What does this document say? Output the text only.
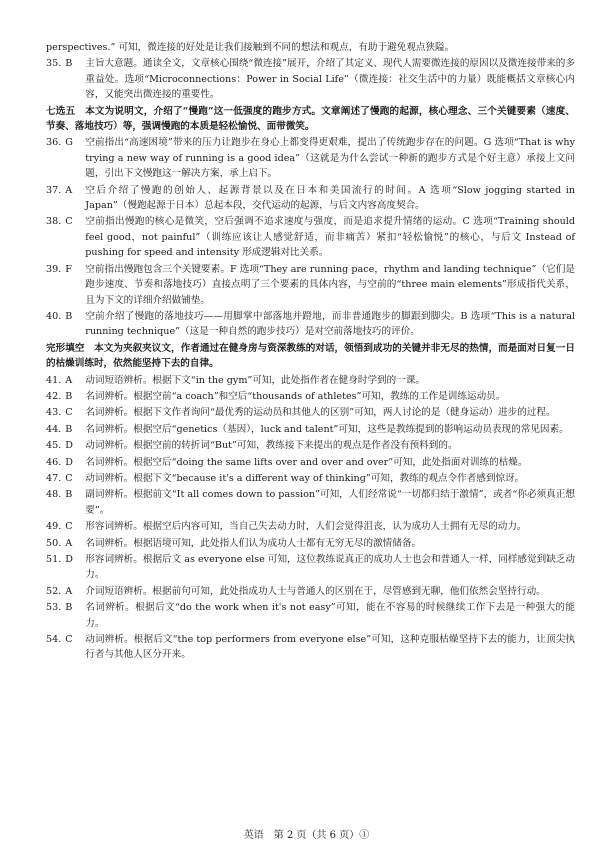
perspectives.” 可知，微连接的好处是让我们接触到不同的想法和观点，有助于避免观点狭隘。

35. B	主旨大意题。通读全文，文章核心围绕“微连接”展开，介绍了其定义、现代人需要微连接的原因以及微连接带来的多重益处。选项“Microconnections：Power in Social Life”（微连接：社交生活中的力量）既能概括文章核心内容，又能突出微连接的重要性。

七选五　本文为说明文，介绍了“慢跑”这一低强度的跑步方式。文章阐述了慢跑的起源，核心理念、三个关键要素（速度、节奏、落地技巧）等，强调慢跑的本质是轻松愉悦、面带微笑。

36. G	空前指出“高速困境”带来的压力让跑步在身心上都变得更艰难，提出了传统跑步存在的问题。G 选项“That is why trying a new way of running is a good idea”（这就是为什么尝试一种新的跑步方式是个好主意）承接上文问题，引出下文慢跑这一解决方案，承上启下。
37. A	空后介绍了慢跑的创始人、起源背景以及在日本和美国流行的时间。A 选项“Slow jogging started in Japan”（慢跑起源于日本）总起本段，交代运动的起源，与后文内容高度契合。
38. C	空前指出慢跑的核心是微笑，空后强调不追求速度与强度，而是追求提升情绪的运动。C 选项“Training should feel good，not painful”（训练应该让人感觉舒适，而非痛苦）紧扣“轻松愉悦”的核心，与后文 Instead of pushing for speed and intensity 形成逻辑对比关系。
39. F	空前指出慢跑包含三个关键要素。F 选项“They are running pace，rhythm and landing technique”（它们是跑步速度、节奏和落地技巧）直接点明了三个要素的具体内容，与空前的“three main elements”形成指代关系，且为下文的详细介绍做铺垫。
40. B	空前介绍了慢跑的落地技巧——用脚掌中部落地并蹬地，而非普通跑步的脚跟到脚尖。B 选项“This is a natural running technique”（这是一种自然的跑步技巧）是对空前落地技巧的评价。

完形填空　本文为夹叙夹议文，作者通过在健身房与资深教练的对话，领悟到成功的关键并非无尽的热情，而是面对日复一日的枯燥训练时，依然能坚持下去的自律。

41. A	动词短语辨析。根据下文“in the gym”可知，此处指作者在健身时学到的一课。
42. B	名词辨析。根据空前“a coach”和空后“thousands of athletes”可知，教练的工作是训练运动员。
43. C	名词辨析。根据下文作者询问“最优秀的运动员和其他人的区别”可知，两人讨论的是（健身运动）进步的过程。
44. B	名词辨析。根据空后“genetics（基因），luck and talent”可知，这些是教练提到的影响运动员表现的常见因素。
45. D	动词辨析。根据空前的转折词“But”可知，教练接下来提出的观点是作者没有预料到的。
46. D	名词辨析。根据空后“doing the same lifts over and over and over”可知，此处指面对训练的枯燥。
47. C	动词辨析。根据下文“because it's a different way of thinking”可知，教练的观点令作者感到惊讶。
48. B	副词辨析。根据前文“It all comes down to passion”可知，人们经常说“一切都归结于激情”，或者“你必须真正想要”。
49. C	形容词辨析。根据空后内容可知，当自己失去动力时，人们会觉得沮丧，认为成功人士拥有无尽的动力。
50. A	名词辨析。根据语境可知，此处指人们认为成功人士都有无穷无尽的激情储备。
51. D	形容词辨析。根据后文 as everyone else 可知，这位教练说真正的成功人士也会和普通人一样，同样感觉到缺乏动力。
52. A	介词短语辨析。根据前句可知，此处指成功人士与普通人的区别在于，尽管感到无聊，他们依然会坚持行动。
53. B	名词辨析。根据后文“do the work when it's not easy”可知，能在不容易的时候继续工作下去是一种强大的能力。
54. C	动词辨析。根据后文“the top performers from everyone else”可知，这种克服枯燥坚持下去的能力，让顶尖执行者与其他人区分开来。
英语　第 2 页（共 6 页）①
